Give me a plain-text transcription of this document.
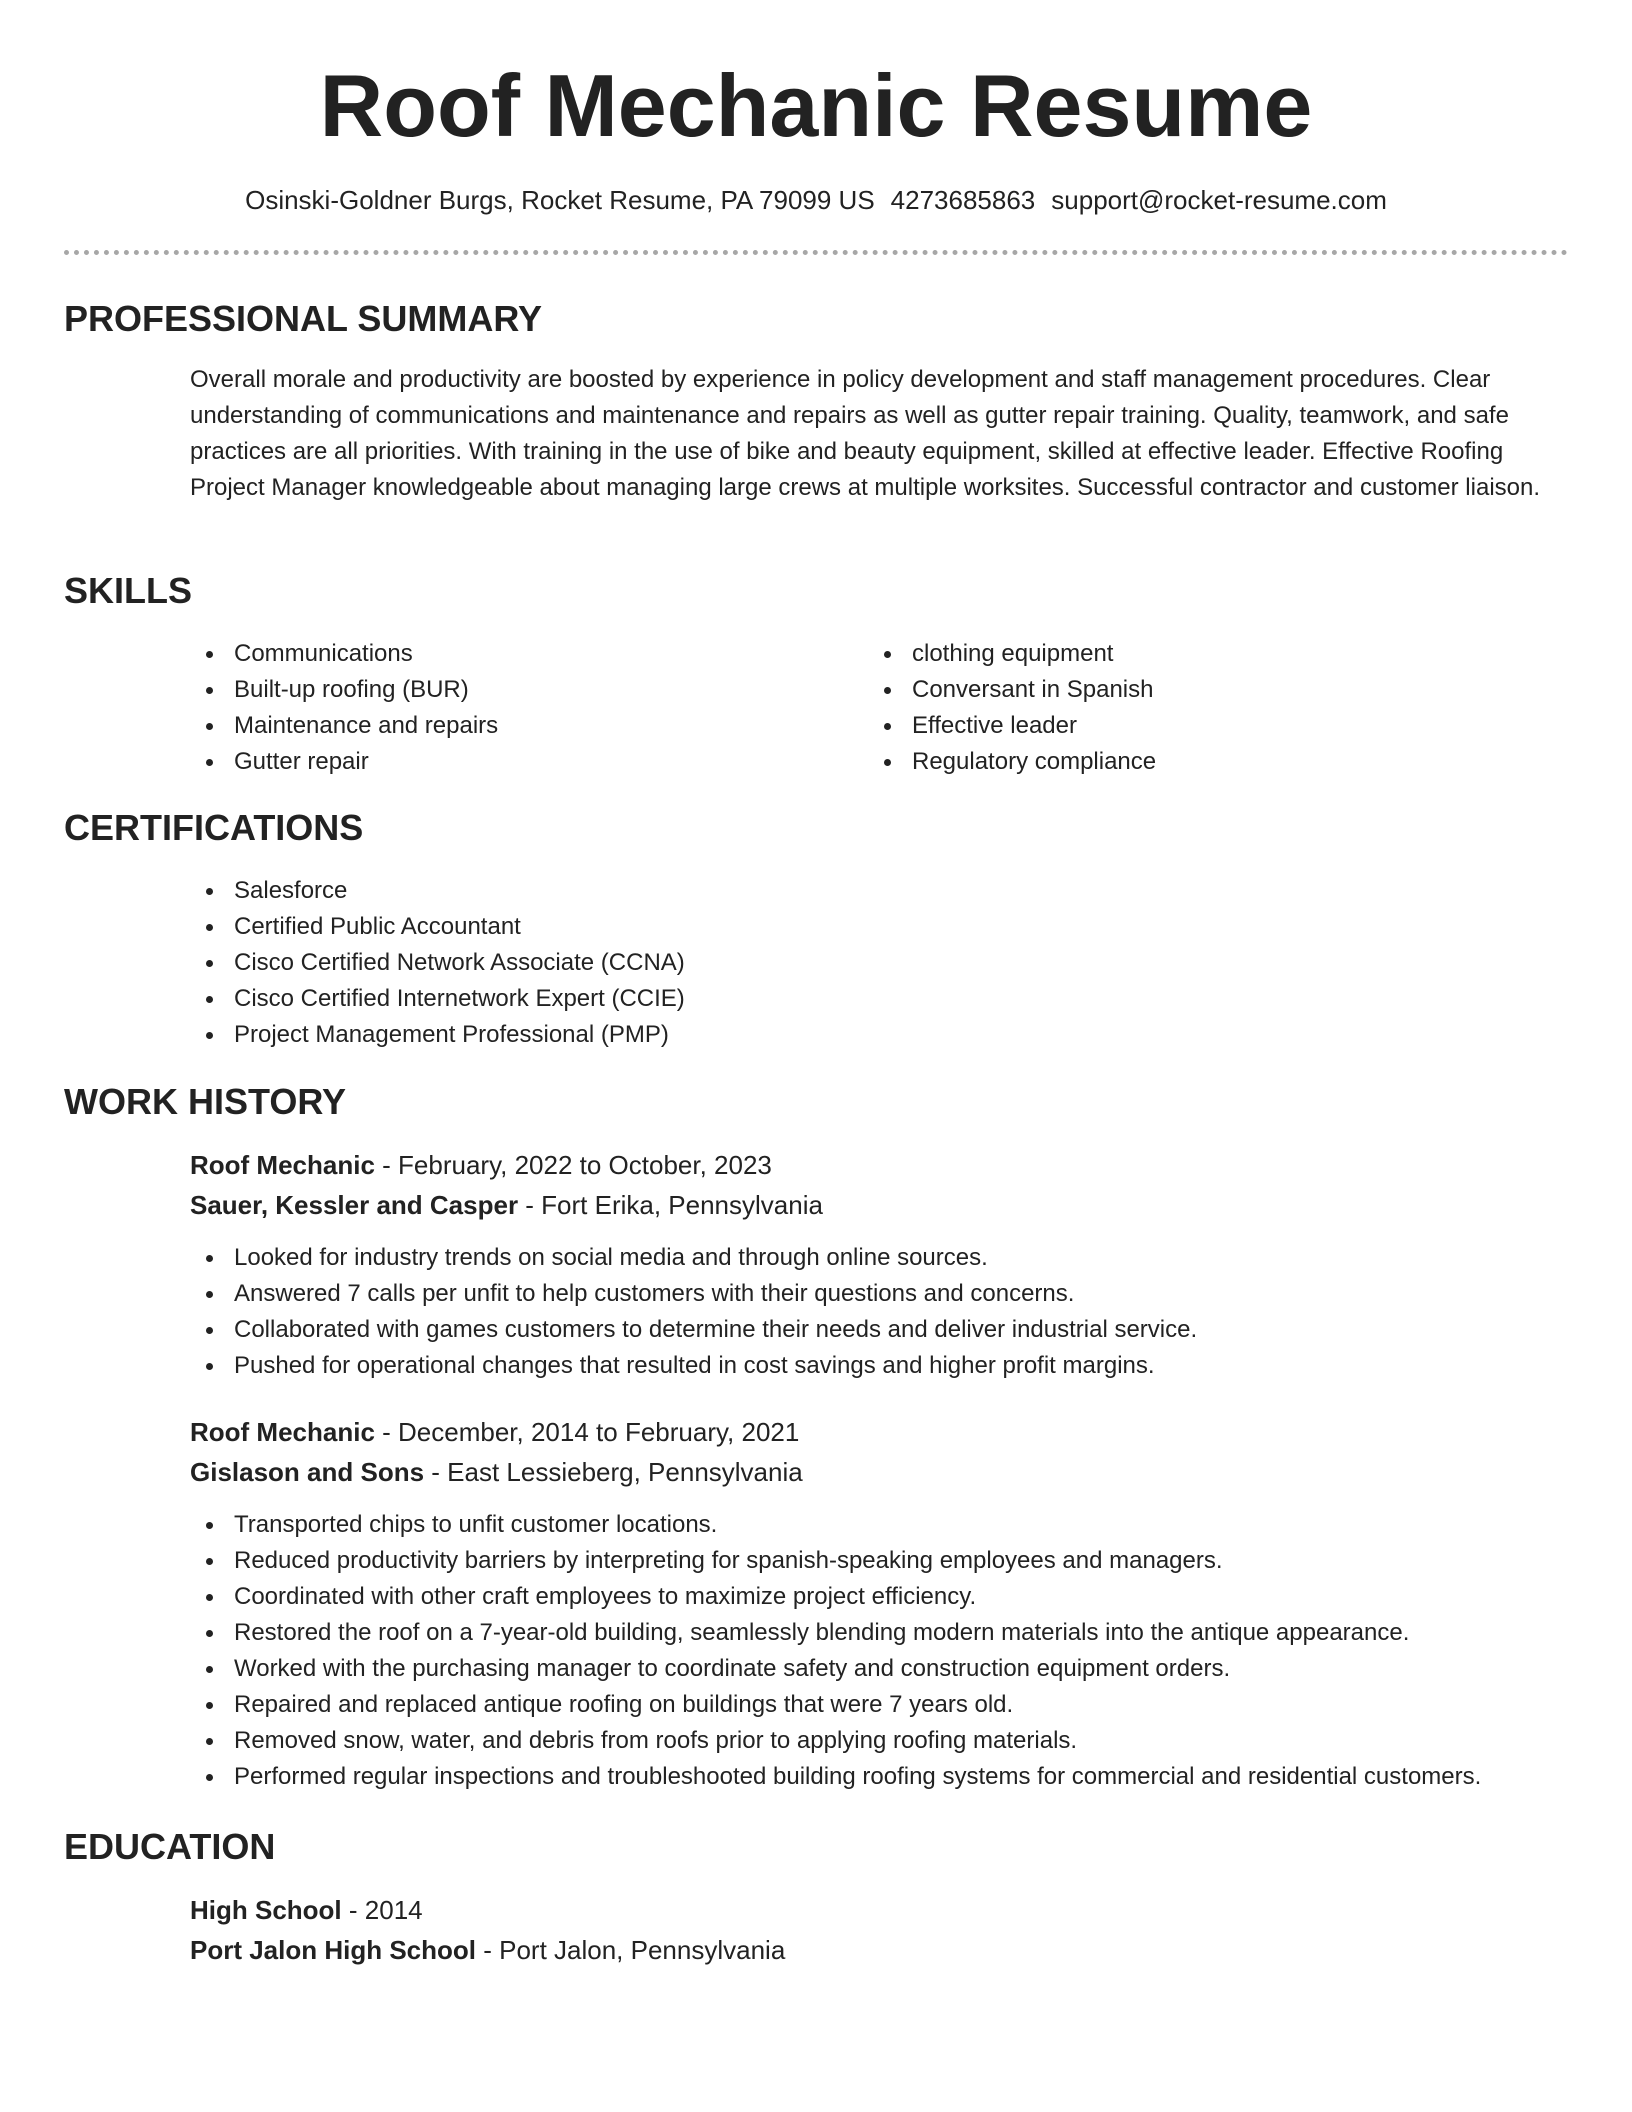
Roof Mechanic Resume
Osinski-Goldner Burgs, Rocket Resume, PA 79099 US 4273685863 support@rocket-resume.com
PROFESSIONAL SUMMARY

Overall morale and productivity are boosted by experience in policy development and staff management procedures. Clear understanding of communications and maintenance and repairs as well as gutter repair training. Quality, teamwork, and safe practices are all priorities. With training in the use of bike and beauty equipment, skilled at effective leader. Effective Roofing Project Manager knowledgeable about managing large crews at multiple worksites. Successful contractor and customer liaison.

SKILLS
Communications
Built-up roofing (BUR)
Maintenance and repairs
Gutter repair
clothing equipment
Conversant in Spanish
Effective leader
Regulatory compliance
CERTIFICATIONS
Salesforce
Certified Public Accountant
Cisco Certified Network Associate (CCNA)
Cisco Certified Internetwork Expert (CCIE)
Project Management Professional (PMP)
WORK HISTORY
Roof Mechanic - February, 2022 to October, 2023
Sauer, Kessler and Casper - Fort Erika, Pennsylvania
Looked for industry trends on social media and through online sources.
Answered 7 calls per unfit to help customers with their questions and concerns.
Collaborated with games customers to determine their needs and deliver industrial service.
Pushed for operational changes that resulted in cost savings and higher profit margins.
Roof Mechanic - December, 2014 to February, 2021
Gislason and Sons - East Lessieberg, Pennsylvania
Transported chips to unfit customer locations.
Reduced productivity barriers by interpreting for spanish-speaking employees and managers.
Coordinated with other craft employees to maximize project efficiency.
Restored the roof on a 7-year-old building, seamlessly blending modern materials into the antique appearance.
Worked with the purchasing manager to coordinate safety and construction equipment orders.
Repaired and replaced antique roofing on buildings that were 7 years old.
Removed snow, water, and debris from roofs prior to applying roofing materials.
Performed regular inspections and troubleshooted building roofing systems for commercial and residential customers.
EDUCATION
High School - 2014
Port Jalon High School - Port Jalon, Pennsylvania
